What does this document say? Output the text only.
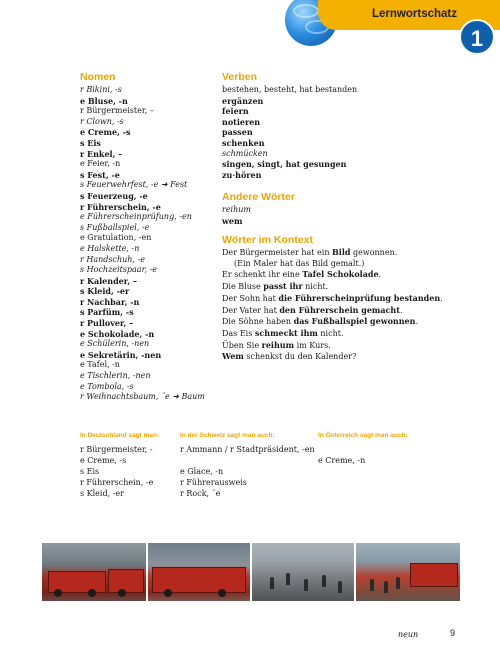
Lernwortschatz
1
Nomen
r Bikini, -s
e Bluse, -n
r Bürgermeister, –
r Clown, -s
e Creme, -s
s Eis
r Enkel, –
e Feier, -n
s Fest, -e
s Feuerwehrfest, -e ➜ Fest
s Feuerzeug, -e
r Führerschein, -e
e Führerscheinprüfung, -en
s Fußballspiel, -e
e Gratulation, -en
e Halskette, -n
r Handschuh, -e
s Hochzeitspaar, -e
r Kalender, –
s Kleid, -er
r Nachbar, -n
s Parfüm, -s
r Pullover, –
e Schokolade, -n
e Schülerin, -nen
e Sekretärin, -nen
e Tafel, -n
e Tischlerin, -nen
e Tombola, -s
r Weihnachtsbaum, ¨e ➜ Baum
Verben
bestehen, besteht, hat bestanden
ergänzen
feiern
notieren
passen
schenken
schmücken
singen, singt, hat gesungen
zu·hören
Andere Wörter
reihum
wem
Wörter im Kontext
Der Bürgermeister hat ein Bild gewonnen.
(Ein Maler hat das Bild gemalt.)
Er schenkt ihr eine Tafel Schokolade.
Die Bluse passt ihr nicht.
Der Sohn hat die Führerscheinprüfung bestanden.
Der Vater hat den Führerschein gemacht.
Die Söhne haben das Fußballspiel gewonnen.
Das Eis schmeckt ihm nicht.
Üben Sie reihum im Kurs.
Wem schenkst du den Kalender?
In Deutschland sagt man:
r Bürgermeister, -
e Creme, -s
s Eis
r Führerschein, -e
s Kleid, -er
In der Schweiz sagt man auch:
r Ammann / r Stadtpräsident, -en
e Glace, -n
r Führerausweis
r Rock, ¨e
In Österreich sagt man auch:
e Creme, -n
neun	9
